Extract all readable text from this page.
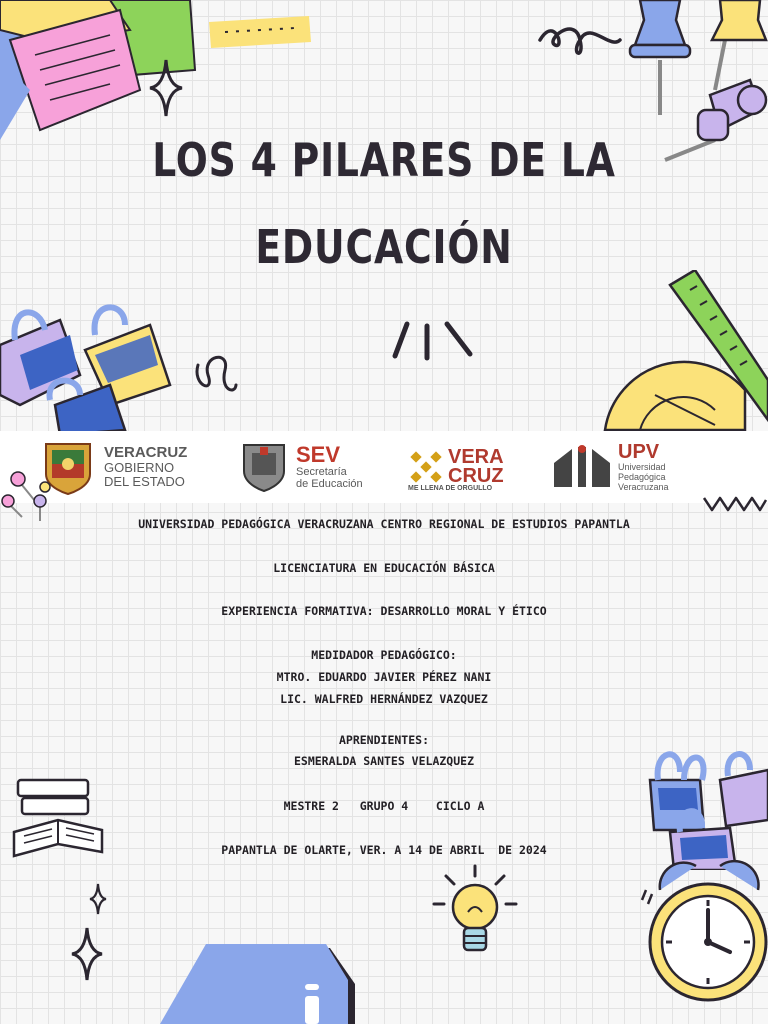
LOS 4 PILARES DE LA
EDUCACIÓN
VERACRUZ
GOBIERNO
DEL ESTADO
SEV
Secretaría
de Educación
VERA
CRUZ
ME LLENA DE ORGULLO
UPV
Universidad
Pedagógica
Veracruzana
UNIVERSIDAD PEDAGÓGICA VERACRUZANA CENTRO REGIONAL DE ESTUDIOS PAPANTLA
LICENCIATURA EN EDUCACIÓN BÁSICA
EXPERIENCIA FORMATIVA: DESARROLLO MORAL Y ÉTICO
MEDIDADOR PEDAGÓGICO:
MTRO. EDUARDO JAVIER PÉREZ NANI
LIC. WALFRED HERNÁNDEZ VAZQUEZ
APRENDIENTES:
ESMERALDA SANTES VELAZQUEZ
MESTRE 2   GRUPO 4    CICLO A
PAPANTLA DE OLARTE, VER. A 14 DE ABRIL  DE 2024
